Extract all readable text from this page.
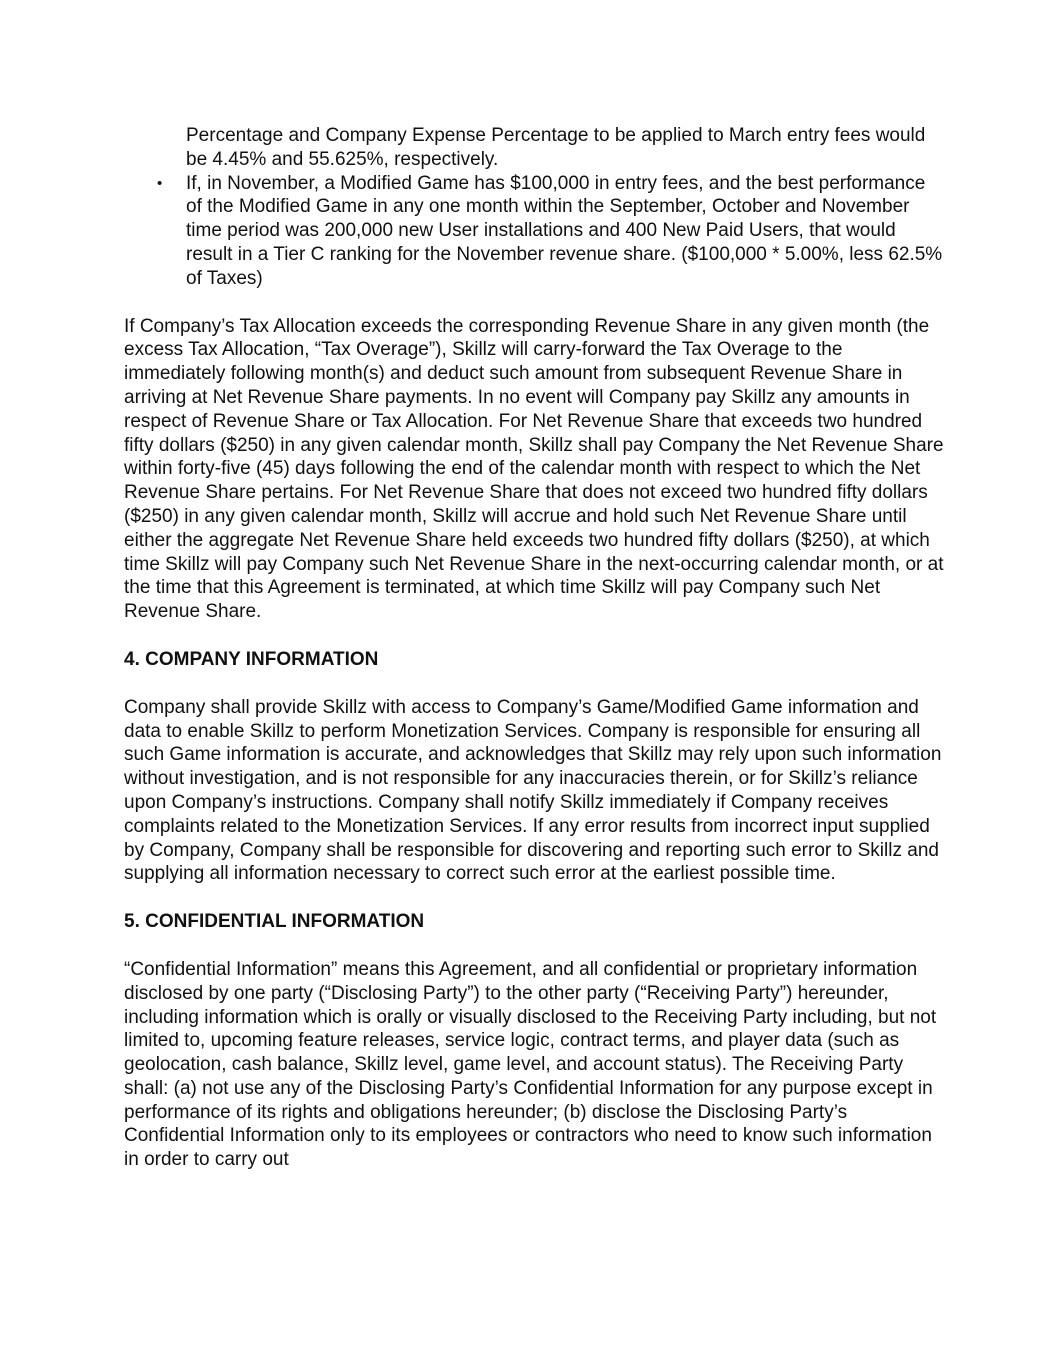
Percentage and Company Expense Percentage to be applied to March entry fees would be 4.45% and 55.625%, respectively.

• If, in November, a Modified Game has $100,000 in entry fees, and the best performance of the Modified Game in any one month within the September, October and November time period was 200,000 new User installations and 400 New Paid Users, that would result in a Tier C ranking for the November revenue share. ($100,000 * 5.00%, less 62.5% of Taxes)

If Company’s Tax Allocation exceeds the corresponding Revenue Share in any given month (the excess Tax Allocation, “Tax Overage”), Skillz will carry-forward the Tax Overage to the immediately following month(s) and deduct such amount from subsequent Revenue Share in arriving at Net Revenue Share payments. In no event will Company pay Skillz any amounts in respect of Revenue Share or Tax Allocation. For Net Revenue Share that exceeds two hundred fifty dollars ($250) in any given calendar month, Skillz shall pay Company the Net Revenue Share within forty-five (45) days following the end of the calendar month with respect to which the Net Revenue Share pertains. For Net Revenue Share that does not exceed two hundred fifty dollars ($250) in any given calendar month, Skillz will accrue and hold such Net Revenue Share until either the aggregate Net Revenue Share held exceeds two hundred fifty dollars ($250), at which time Skillz will pay Company such Net Revenue Share in the next-occurring calendar month, or at the time that this Agreement is terminated, at which time Skillz will pay Company such Net Revenue Share.

4. COMPANY INFORMATION

Company shall provide Skillz with access to Company’s Game/Modified Game information and data to enable Skillz to perform Monetization Services. Company is responsible for ensuring all such Game information is accurate, and acknowledges that Skillz may rely upon such information without investigation, and is not responsible for any inaccuracies therein, or for Skillz’s reliance upon Company’s instructions. Company shall notify Skillz immediately if Company receives complaints related to the Monetization Services. If any error results from incorrect input supplied by Company, Company shall be responsible for discovering and reporting such error to Skillz and supplying all information necessary to correct such error at the earliest possible time.

5. CONFIDENTIAL INFORMATION

“Confidential Information” means this Agreement, and all confidential or proprietary information disclosed by one party (“Disclosing Party”) to the other party (“Receiving Party”) hereunder, including information which is orally or visually disclosed to the Receiving Party including, but not limited to, upcoming feature releases, service logic, contract terms, and player data (such as geolocation, cash balance, Skillz level, game level, and account status). The Receiving Party shall: (a) not use any of the Disclosing Party’s Confidential Information for any purpose except in performance of its rights and obligations hereunder; (b) disclose the Disclosing Party’s Confidential Information only to its employees or contractors who need to know such information in order to carry out
